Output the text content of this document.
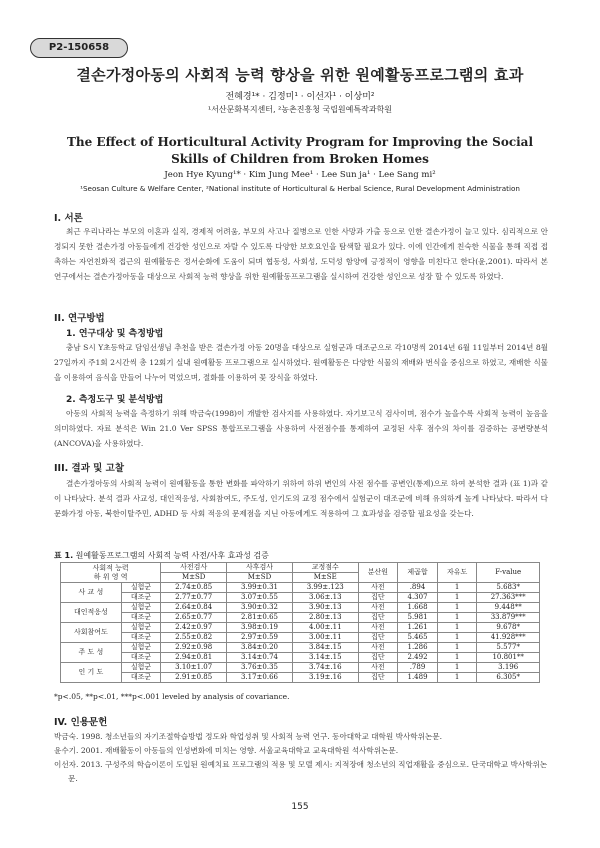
P2-150658
결손가정아동의 사회적 능력 향상을 위한 원예활동프로그램의 효과
전혜경¹* · 김정미¹ · 이선자¹ · 이상미²
¹서산문화복지센터, ²농촌진흥청 국립원예특작과학원
The Effect of Horticultural Activity Program for Improving the Social Skills of Children from Broken Homes
Jeon Hye Kyung¹* · Kim Jung Mee¹ · Lee Sun ja¹ · Lee Sang mi²
¹Seosan Culture & Welfare Center, ²National institute of Horticultural & Herbal Science, Rural Development Administration
I. 서론
최근 우리나라는 부모의 이혼과 실직, 경제적 어려움, 부모의 사고나 질병으로 인한 사망과 가출 등으로 인한 결손가정이 늘고 있다. 심리적으로 안정되지 못한 결손가정 아동들에게 건강한 성인으로 자랄 수 있도록 다양한 보호요인을 탐색할 필요가 있다. 이에 인간에게 친숙한 식물을 통해 직접 접촉하는 자연친화적 접근의 원예활동은 정서순화에 도움이 되며 협동성, 사회성, 도덕성 함양에 긍정적이 영향을 미친다고 한다(윤,2001). 따라서 본 연구에서는 결손가정아동을 대상으로 사회적 능력 향상을 위한 원예활동프로그램을 실시하여 건강한 성인으로 성장 할 수 있도록 하였다.
II. 연구방법
1. 연구대상 및 측정방법
충남 S시 Y초등학교 담임선생님 추천을 받은 결손가정 아동 20명을 대상으로 실험군과 대조군으로 각10명씩 2014년 6월 11일부터 2014년 8월 27일까지 주1회 2시간씩 총 12회기 실내 원예활동 프로그램으로 실시하였다. 원예활동은 다양한 식물의 재배와 번식을 중심으로 하였고, 재배한 식물을 이용하여 음식을 만들어 나누어 먹었으며, 절화를 이용하여 꽃 장식을 하였다.
2. 측정도구 및 분석방법
아동의 사회적 능력을 측정하기 위해 박금숙(1998)이 개발한 검사지를 사용하였다. 자기보고식 검사이며, 점수가 높을수록 사회적 능력이 높음을 의미하였다. 자료 분석은 Win 21.0 Ver SPSS 통합프로그램을 사용하여 사전점수를 통제하여 교정된 사후 점수의 차이를 검증하는 공변량분석(ANCOVA)을 사용하였다.
III. 결과 및 고찰
결손가정아동의 사회적 능력이 원예활동을 통한 변화를 파악하기 위하여 하위 변인의 사전 점수를 공변인(통제)으로 하여 분석한 결과 (표 1)과 같이 나타났다. 분석 결과 사교성, 대인적응성, 사회참여도, 주도성, 인기도의 교정 점수에서 실험군이 대조군에 비해 유의하게 높게 나타났다. 따라서 다문화가정 아동, 북한이탈주민, ADHD 등 사회 적응의 문제점을 지닌 아동에게도 적용하여 그 효과성을 검증할 필요성을 갖는다.
표 1. 원예활동프로그램의 사회적 능력 사전/사후 효과성 검증
사회적 능력
하 위 영 역		사전검사	사후검사	교정점수	분산원	제곱합	자유도	F-value
		M±SD	M±SD	M±SE				
사 교 성	실험군	2.74±0.85	3.99±0.31	3.99±.123	사전	.894	1	5.683*
	대조군	2.77±0.77	3.07±0.55	3.06±.13	집단	4.307	1	27.363***
대인적응성	실험군	2.64±0.84	3.90±0.32	3.90±.13	사전	1.668	1	9.448**
	대조군	2.65±0.77	2.81±0.65	2.80±.13	집단	5.981	1	33.879***
사회참여도	실험군	2.42±0.97	3.98±0.19	4.00±.11	사전	1.261	1	9.678*
	대조군	2.55±0.82	2.97±0.59	3.00±.11	집단	5.465	1	41.928***
주 도 성	실험군	2.92±0.98	3.84±0.20	3.84±.15	사전	1.286	1	5.577*
	대조군	2.94±0.81	3.14±0.74	3.14±.15	집단	2.492	1	10.801**
인 기 도	실험군	3.10±1.07	3.76±0.35	3.74±.16	사전	.789	1	3.196
	대조군	2.91±0.85	3.17±0.66	3.19±.16	집단	1.489	1	6.305*
*p<.05, **p<.01, ***p<.001 leveled by analysis of covariance.
IV. 인용문헌
박금숙. 1998. 청소년들의 자기조절학습방법 정도와 학업성취 및 사회적 능력 연구. 동아대학교 대학원 박사학위논문.
윤수기. 2001. 재배활동이 아동들의 인성변화에 미치는 영향. 서울교육대학교 교육대학원 석사학위논문.
이선자. 2013. 구성주의 학습이론이 도입된 원예치료 프로그램의 적용 및 모델 제시: 지적장애 청소년의 직업재활을 중심으로. 단국대학교 박사학위논문.
155
